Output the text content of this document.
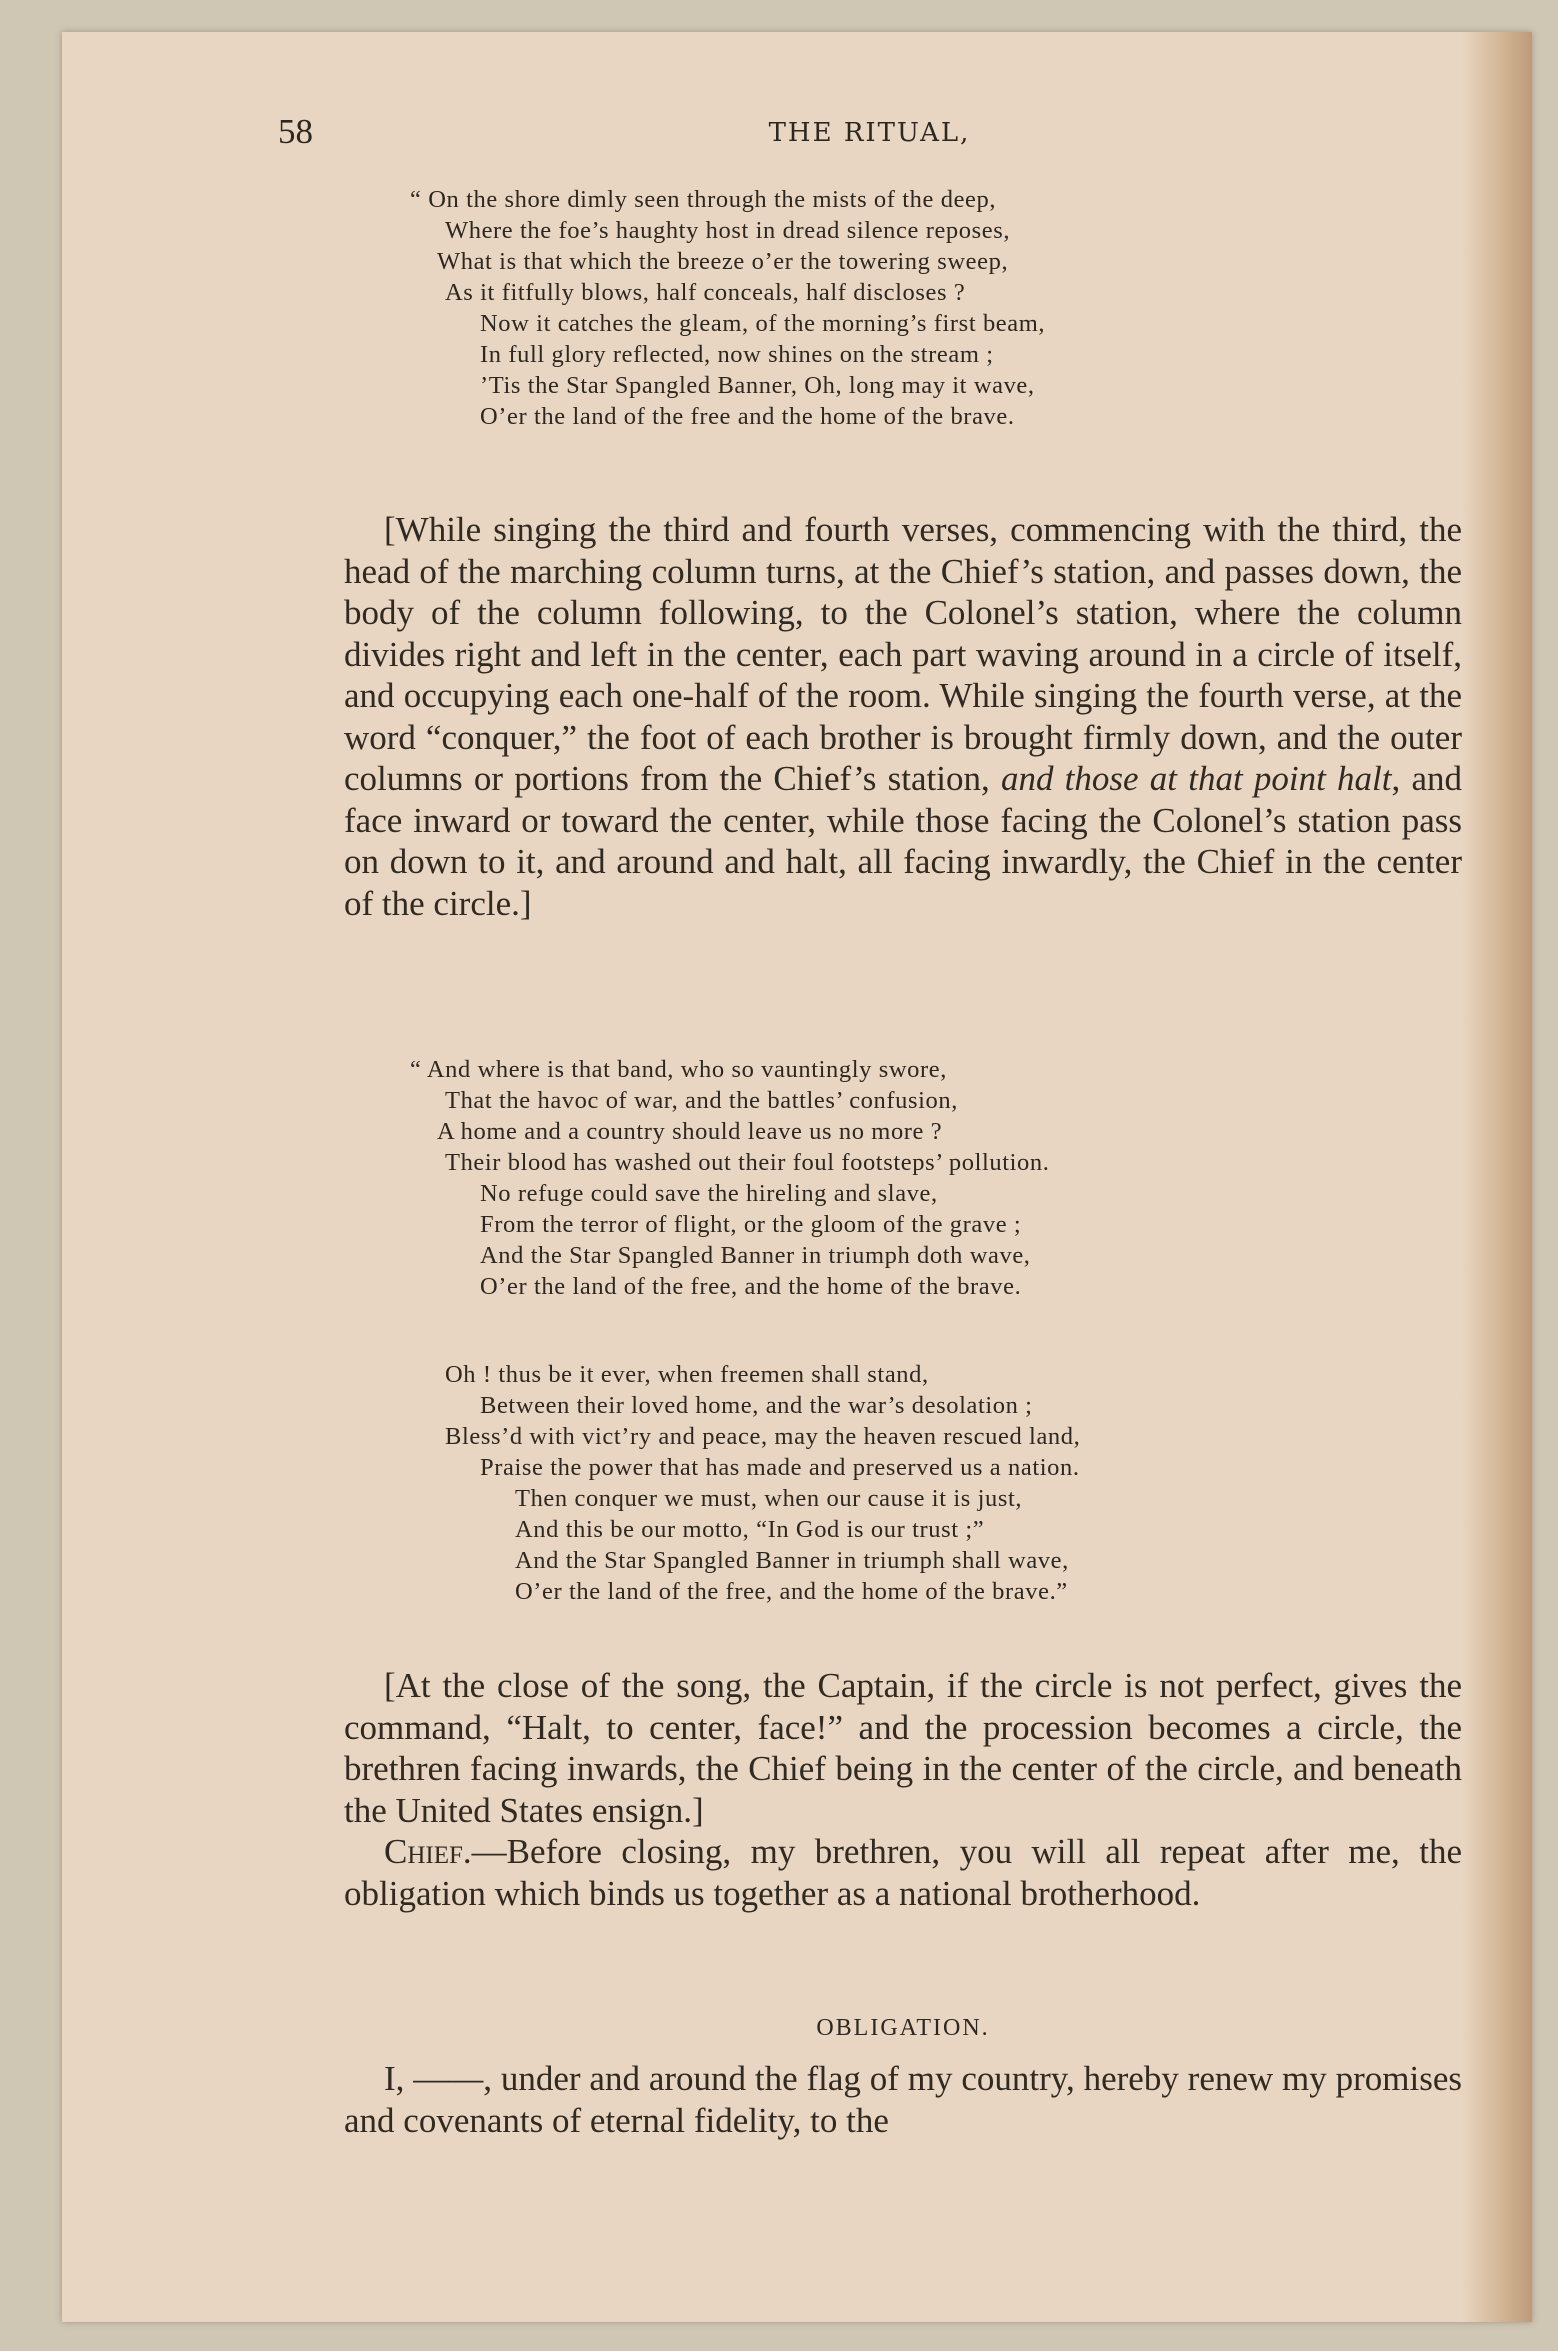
58	THE RITUAL,
“ On the shore dimly seen through the mists of the deep,
Where the foe’s haughty host in dread silence reposes,
What is that which the breeze o’er the towering sweep,
As it fitfully blows, half conceals, half discloses ?
Now it catches the gleam, of the morning’s first beam,
In full glory reflected, now shines on the stream ;
’Tis the Star Spangled Banner, Oh, long may it wave,
O’er the land of the free and the home of the brave.

[While singing the third and fourth verses, commencing with the third, the head of the marching column turns, at the Chief’s station, and passes down, the body of the column following, to the Colonel’s station, where the column divides right and left in the center, each part waving around in a circle of itself, and occupying each one-half of the room. While singing the fourth verse, at the word “conquer,” the foot of each brother is brought firmly down, and the outer columns or portions from the Chief’s station, and those at that point halt, and face inward or toward the center, while those facing the Colonel’s station pass on down to it, and around and halt, all facing inwardly, the Chief in the center of the circle.]

“ And where is that band, who so vauntingly swore,
That the havoc of war, and the battles’ confusion,
A home and a country should leave us no more ?
Their blood has washed out their foul footsteps’ pollution.
No refuge could save the hireling and slave,
From the terror of flight, or the gloom of the grave ;
And the Star Spangled Banner in triumph doth wave,
O’er the land of the free, and the home of the brave.
Oh ! thus be it ever, when freemen shall stand,
Between their loved home, and the war’s desolation ;
Bless’d with vict’ry and peace, may the heaven rescued land,
Praise the power that has made and preserved us a nation.
Then conquer we must, when our cause it is just,
And this be our motto, “In God is our trust ;”
And the Star Spangled Banner in triumph shall wave,
O’er the land of the free, and the home of the brave.”

[At the close of the song, the Captain, if the circle is not perfect, gives the command, “Halt, to center, face!” and the procession becomes a circle, the brethren facing inwards, the Chief being in the center of the circle, and beneath the United States ensign.]

Chief.—Before closing, my brethren, you will all repeat after me, the obligation which binds us together as a national brotherhood.

OBLIGATION.

I, ——, under and around the flag of my country, hereby renew my promises and covenants of eternal fidelity, to the
